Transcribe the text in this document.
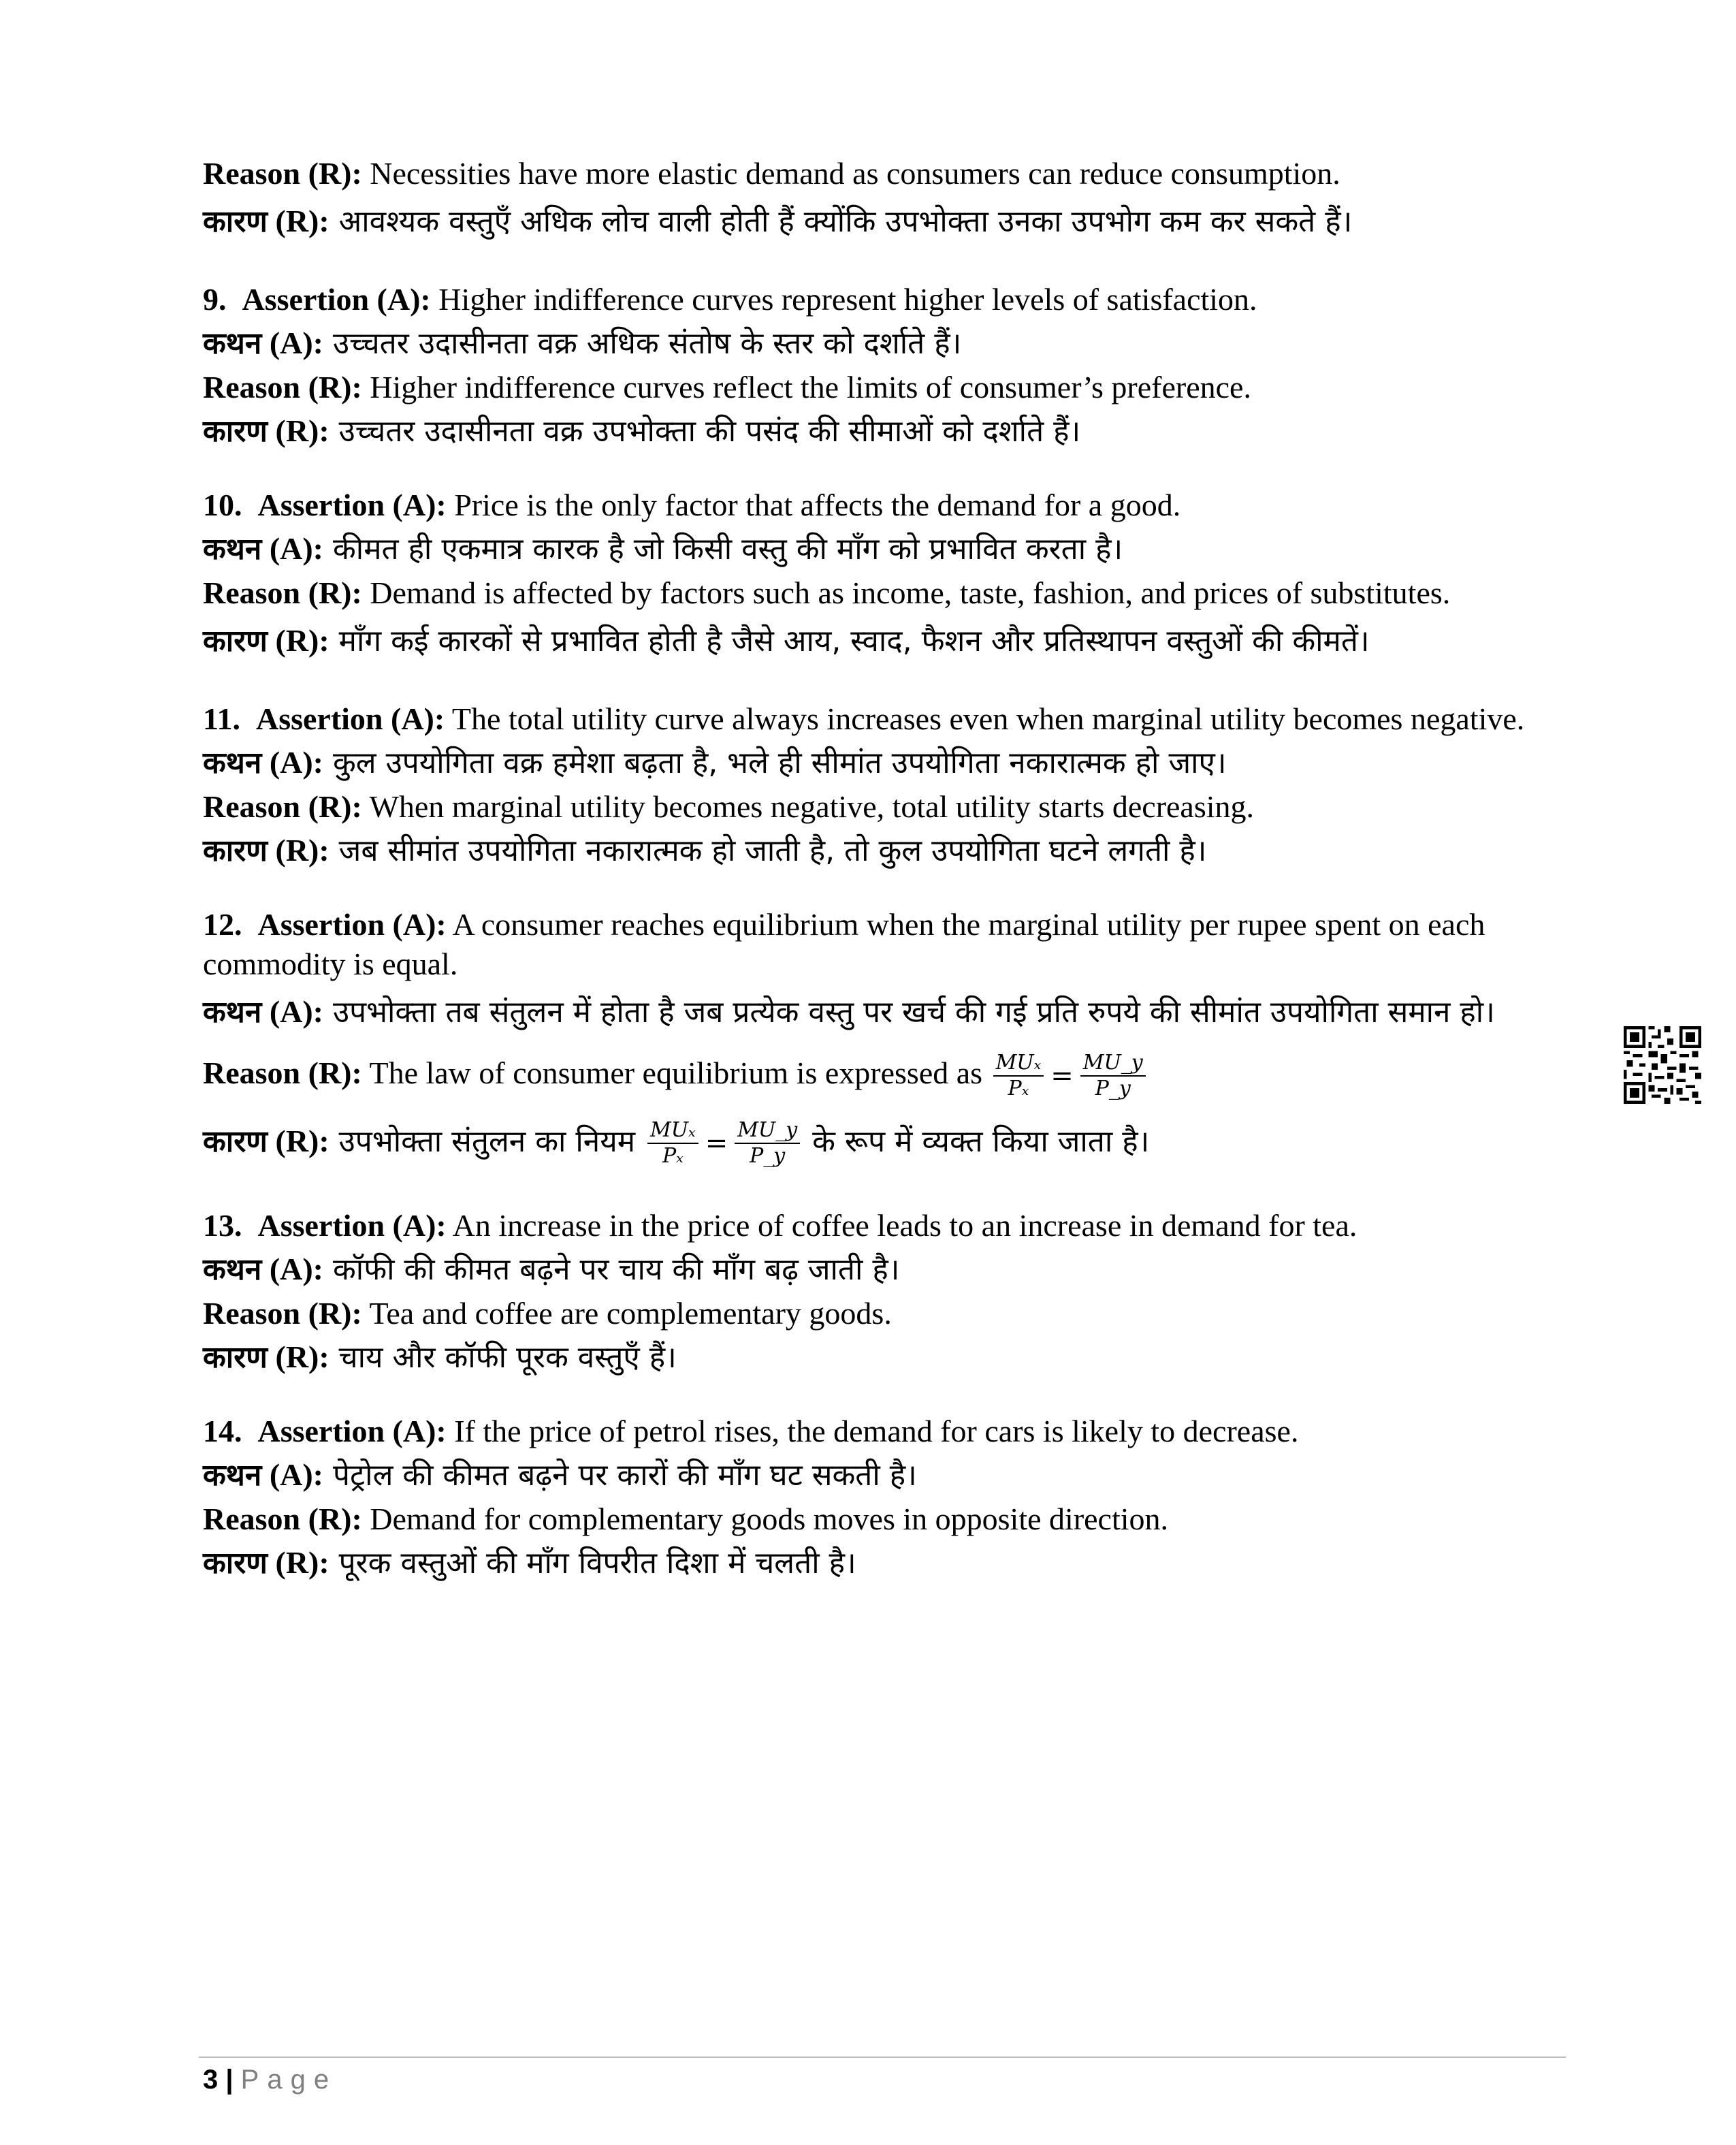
Reason (R): Necessities have more elastic demand as consumers can reduce consumption.
कारण (R): आवश्यक वस्तुएँ अधिक लोच वाली होती हैं क्योंकि उपभोक्ता उनका उपभोग कम कर सकते हैं।
9. Assertion (A): Higher indifference curves represent higher levels of satisfaction.
कथन (A): उच्चतर उदासीनता वक्र अधिक संतोष के स्तर को दर्शाते हैं।
Reason (R): Higher indifference curves reflect the limits of consumer’s preference.
कारण (R): उच्चतर उदासीनता वक्र उपभोक्ता की पसंद की सीमाओं को दर्शाते हैं।
10. Assertion (A): Price is the only factor that affects the demand for a good.
कथन (A): कीमत ही एकमात्र कारक है जो किसी वस्तु की माँग को प्रभावित करता है।
Reason (R): Demand is affected by factors such as income, taste, fashion, and prices of substitutes.
कारण (R): माँग कई कारकों से प्रभावित होती है जैसे आय, स्वाद, फैशन और प्रतिस्थापन वस्तुओं की कीमतें।
11. Assertion (A): The total utility curve always increases even when marginal utility becomes negative.
कथन (A): कुल उपयोगिता वक्र हमेशा बढ़ता है, भले ही सीमांत उपयोगिता नकारात्मक हो जाए।
Reason (R): When marginal utility becomes negative, total utility starts decreasing.
कारण (R): जब सीमांत उपयोगिता नकारात्मक हो जाती है, तो कुल उपयोगिता घटने लगती है।
12. Assertion (A): A consumer reaches equilibrium when the marginal utility per rupee spent on each commodity is equal.
कथन (A): उपभोक्ता तब संतुलन में होता है जब प्रत्येक वस्तु पर खर्च की गई प्रति रुपये की सीमांत उपयोगिता समान हो।
Reason (R): The law of consumer equilibrium is expressed as $\frac{\text{MUₓ}}{\text{Pₓ}} = \frac{MU\_y}{P\_y}$
कारण (R): उपभोक्ता संतुलन का नियम $\frac{\text{MUₓ}}{\text{Pₓ}} = \frac{MU\_y}{P\_y}$ के रूप में व्यक्त किया जाता है।
13. Assertion (A): An increase in the price of coffee leads to an increase in demand for tea.
कथन (A): कॉफी की कीमत बढ़ने पर चाय की माँग बढ़ जाती है।
Reason (R): Tea and coffee are complementary goods.
कारण (R): चाय और कॉफी पूरक वस्तुएँ हैं।
14. Assertion (A): If the price of petrol rises, the demand for cars is likely to decrease.
कथन (A): पेट्रोल की कीमत बढ़ने पर कारों की माँग घट सकती है।
Reason (R): Demand for complementary goods moves in opposite direction.
कारण (R): पूरक वस्तुओं की माँग विपरीत दिशा में चलती है।
3 | Page
